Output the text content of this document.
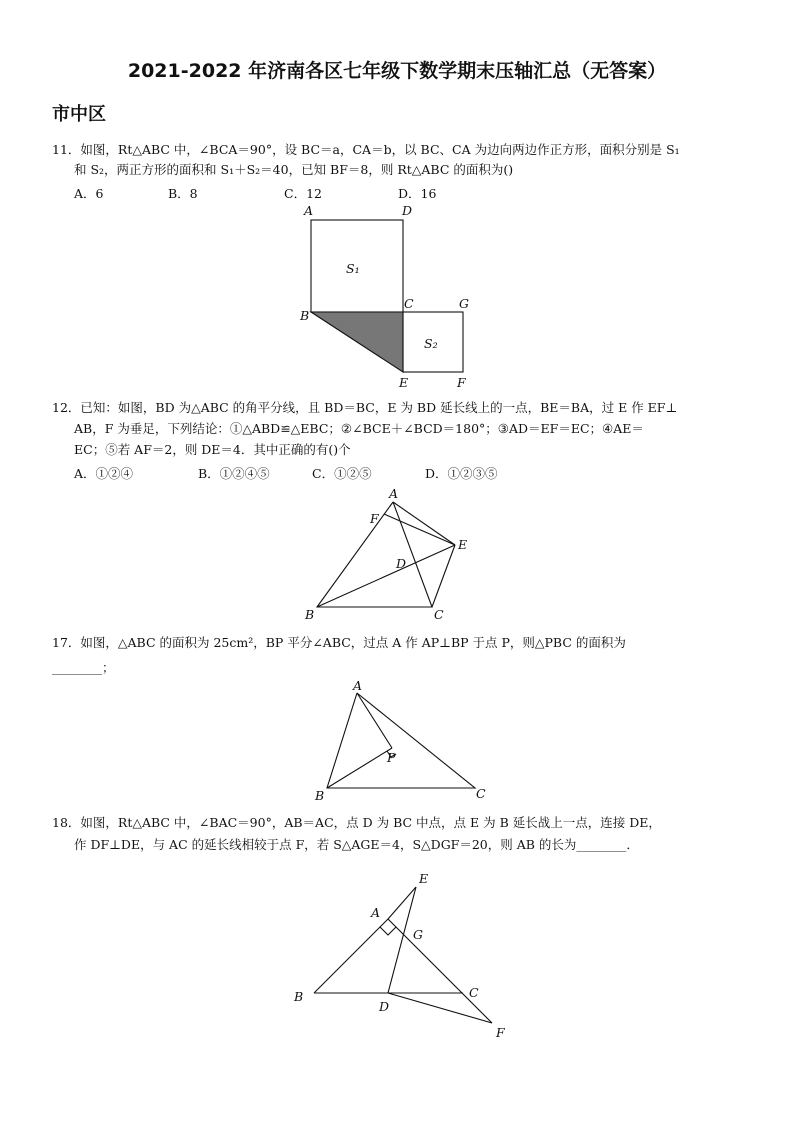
2021-2022 年济南各区七年级下数学期末压轴汇总（无答案）
市中区
11．如图，Rt△ABC 中，∠BCA＝90°，设 BC＝a，CA＝b，以 BC、CA 为边向两边作正方形，面积分别是 S₁
和 S₂，两正方形的面积和 S₁＋S₂＝40，已知 BF＝8，则 Rt△ABC 的面积为()
A．6	B．8	C．12	D．16
A	D
B
C	G
E	F
S₁
S₂
12．已知：如图，BD 为△ABC 的角平分线，且 BD＝BC，E 为 BD 延长线上的一点，BE＝BA，过 E 作 EF⊥
AB，F 为垂足，下列结论：①△ABD≌△EBC；②∠BCE＋∠BCD＝180°；③AD＝EF＝EC；④AE＝
EC；⑤若 AF＝2，则 DE＝4．其中正确的有()个
A．①②④	B．①②④⑤	C．①②⑤	D．①②③⑤
A
F
E
D
B	C
17．如图，△ABC 的面积为 25cm²，BP 平分∠ABC，过点 A 作 AP⊥BP 于点 P，则△PBC 的面积为
________；
A
P
B	C
18．如图，Rt△ABC 中，∠BAC＝90°，AB＝AC，点 D 为 BC 中点，点 E 为 B 延长战上一点，连接 DE，
作 DF⊥DE，与 AC 的延长线相较于点 F，若 S△AGE＝4，S△DGF＝20，则 AB 的长为________．
E
A
G
B	C
D
F
